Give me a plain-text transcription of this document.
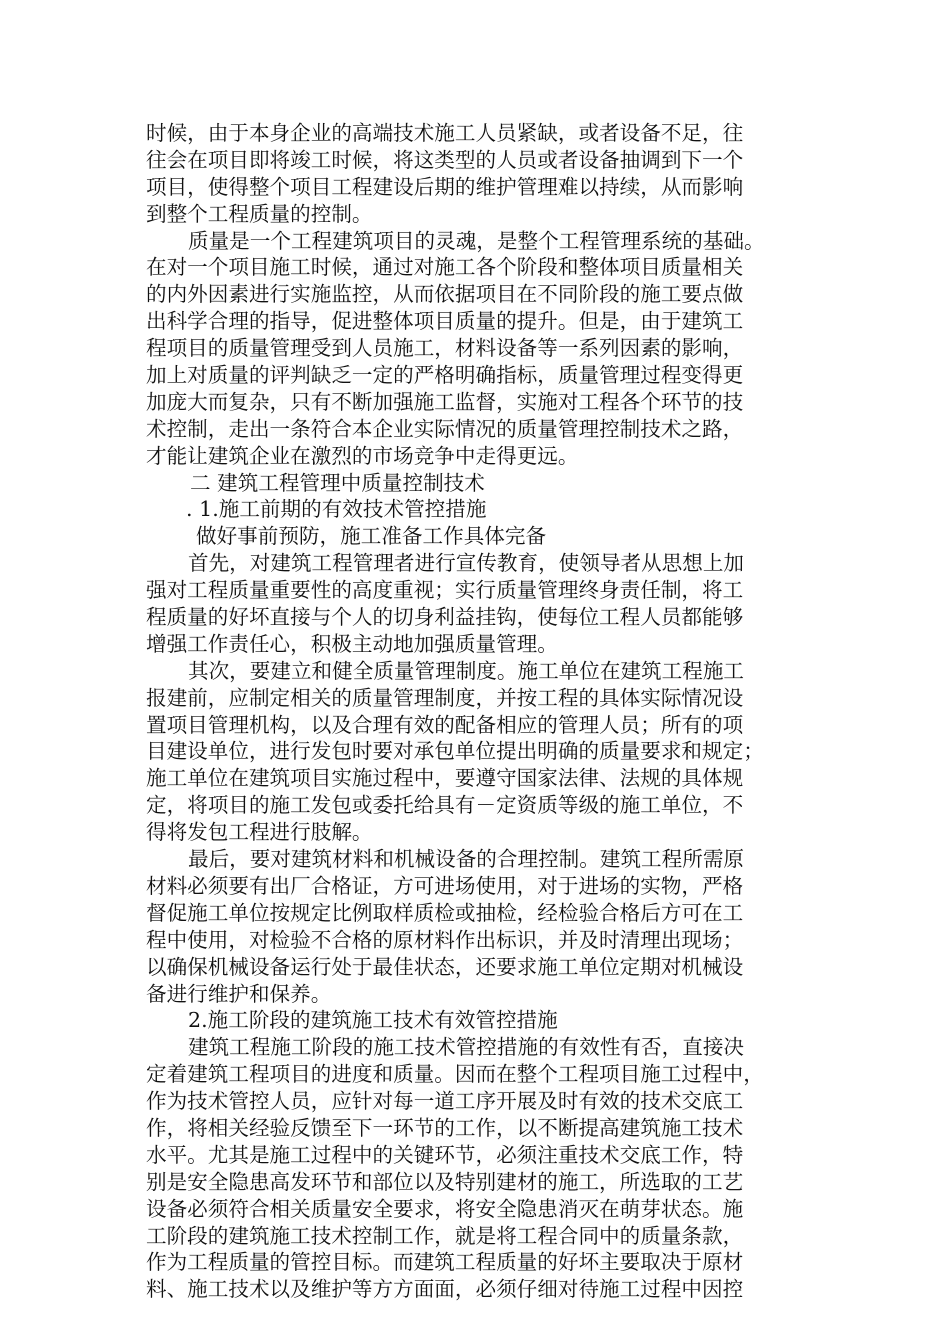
时候，由于本身企业的高端技术施工人员紧缺，或者设备不足，往
往会在项目即将竣工时候，将这类型的人员或者设备抽调到下一个
项目，使得整个项目工程建设后期的维护管理难以持续，从而影响
到整个工程质量的控制。
质量是一个工程建筑项目的灵魂，是整个工程管理系统的基础。
在对一个项目施工时候，通过对施工各个阶段和整体项目质量相关
的内外因素进行实施监控，从而依据项目在不同阶段的施工要点做
出科学合理的指导，促进整体项目质量的提升。但是，由于建筑工
程项目的质量管理受到人员施工，材料设备等一系列因素的影响，
加上对质量的评判缺乏一定的严格明确指标，质量管理过程变得更
加庞大而复杂，只有不断加强施工监督，实施对工程各个环节的技
术控制，走出一条符合本企业实际情况的质量管理控制技术之路，
才能让建筑企业在激烈的市场竞争中走得更远。
二 建筑工程管理中质量控制技术
. 1.施工前期的有效技术管控措施
做好事前预防，施工准备工作具体完备
首先，对建筑工程管理者进行宣传教育，使领导者从思想上加
强对工程质量重要性的高度重视；实行质量管理终身责任制，将工
程质量的好坏直接与个人的切身利益挂钩，使每位工程人员都能够
增强工作责任心，积极主动地加强质量管理。
其次，要建立和健全质量管理制度。施工单位在建筑工程施工
报建前，应制定相关的质量管理制度，并按工程的具体实际情况设
置项目管理机构，以及合理有效的配备相应的管理人员；所有的项
目建设单位，进行发包时要对承包单位提出明确的质量要求和规定；
施工单位在建筑项目实施过程中，要遵守国家法律、法规的具体规
定，将项目的施工发包或委托给具有－定资质等级的施工单位，不
得将发包工程进行肢解。
最后，要对建筑材料和机械设备的合理控制。建筑工程所需原
材料必须要有出厂合格证，方可进场使用，对于进场的实物，严格
督促施工单位按规定比例取样质检或抽检，经检验合格后方可在工
程中使用，对检验不合格的原材料作出标识，并及时清理出现场；
以确保机械设备运行处于最佳状态，还要求施工单位定期对机械设
备进行维护和保养。
2.施工阶段的建筑施工技术有效管控措施
建筑工程施工阶段的施工技术管控措施的有效性有否，直接决
定着建筑工程项目的进度和质量。因而在整个工程项目施工过程中，
作为技术管控人员，应针对每一道工序开展及时有效的技术交底工
作，将相关经验反馈至下一环节的工作，以不断提高建筑施工技术
水平。尤其是施工过程中的关键环节，必须注重技术交底工作，特
别是安全隐患高发环节和部位以及特别建材的施工，所选取的工艺
设备必须符合相关质量安全要求，将安全隐患消灭在萌芽状态。施
工阶段的建筑施工技术控制工作，就是将工程合同中的质量条款，
作为工程质量的管控目标。而建筑工程质量的好坏主要取决于原材
料、施工技术以及维护等方方面面，必须仔细对待施工过程中因控
